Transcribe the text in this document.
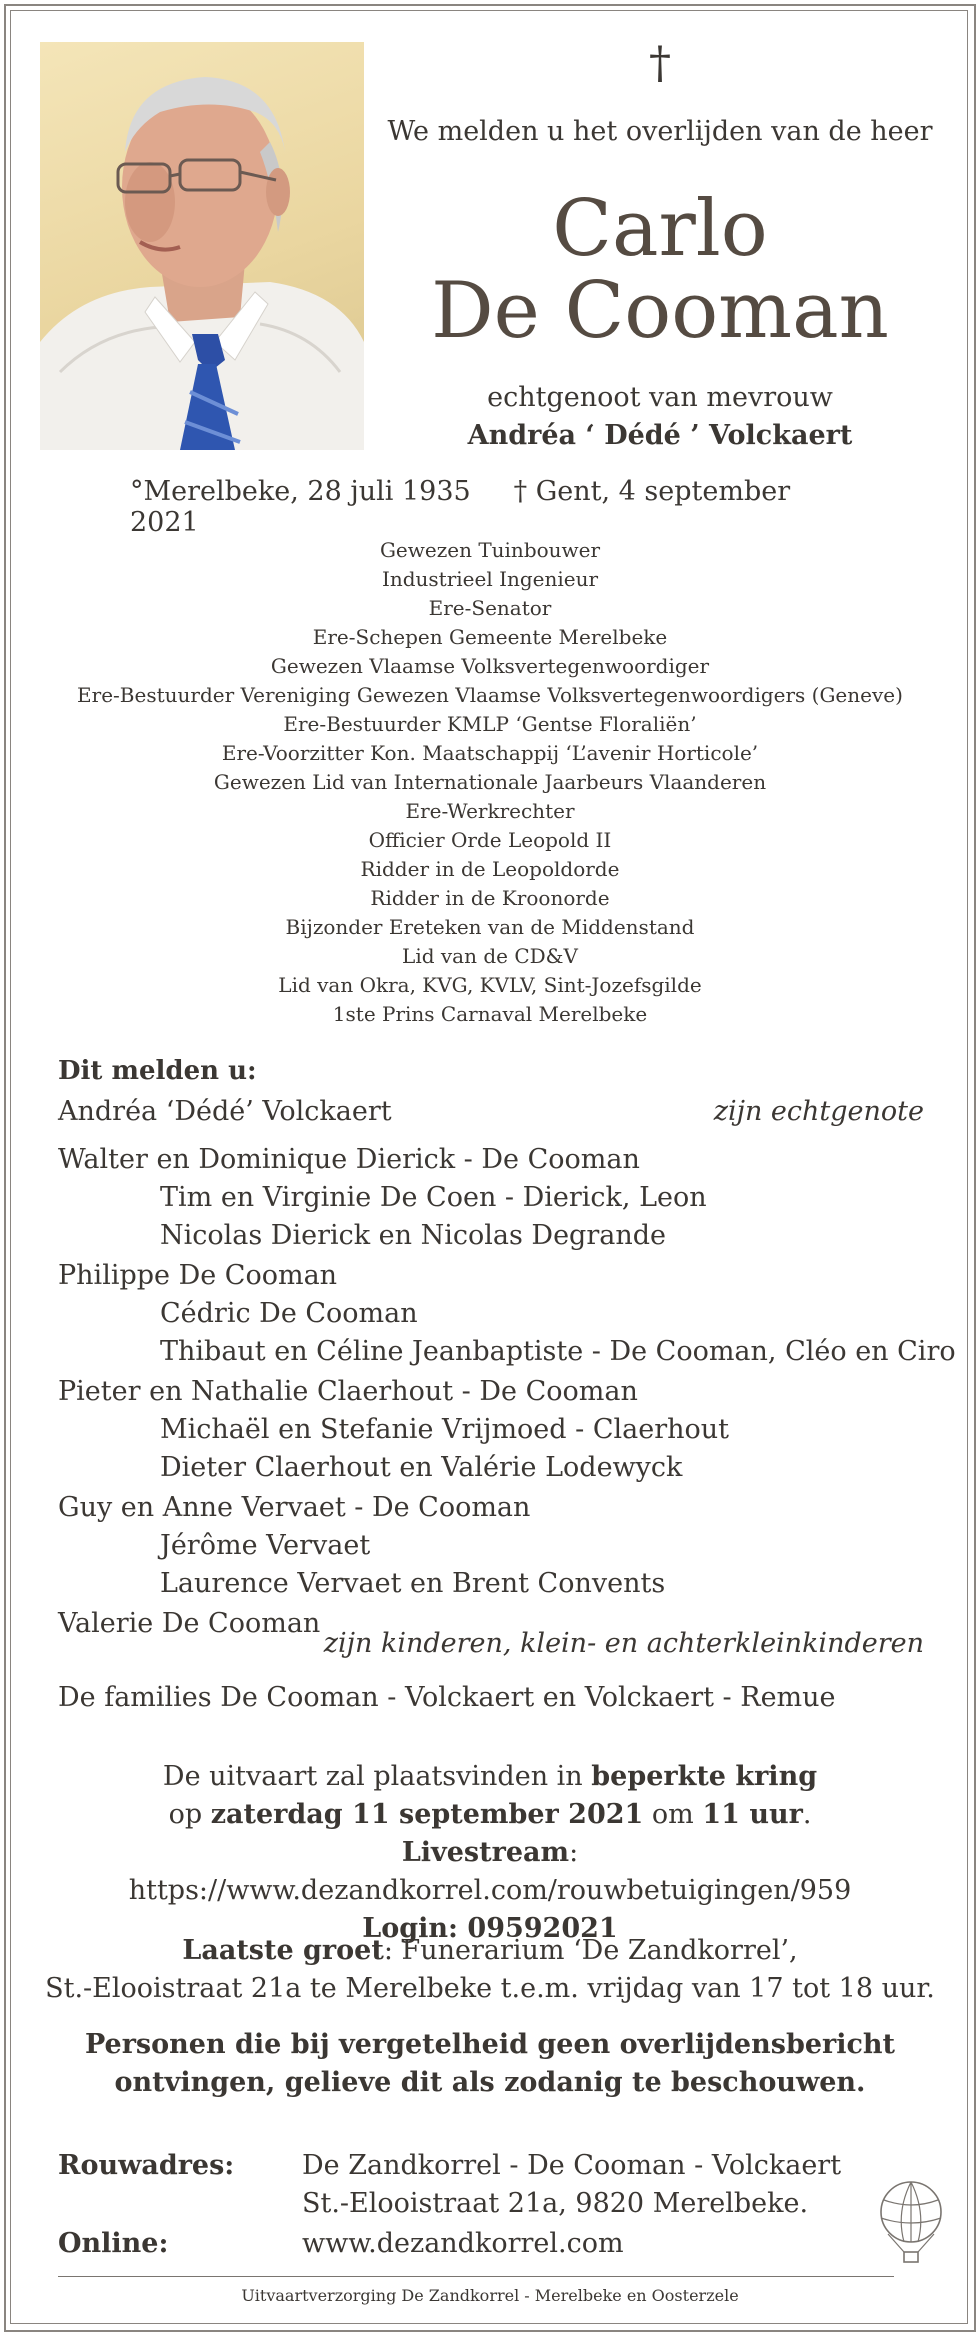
†
We melden u het overlijden van de heer
Carlo
De Cooman
echtgenoot van mevrouw
Andréa ‘ Dédé ’ Volckaert
°Merelbeke, 28 juli 1935 † Gent, 4 september 2021
Gewezen Tuinbouwer
Industrieel Ingenieur
Ere-Senator
Ere-Schepen Gemeente Merelbeke
Gewezen Vlaamse Volksvertegenwoordiger
Ere-Bestuurder Vereniging Gewezen Vlaamse Volksvertegenwoordigers (Geneve)
Ere-Bestuurder KMLP ‘Gentse Floraliën’
Ere-Voorzitter Kon. Maatschappij ‘L’avenir Horticole’
Gewezen Lid van Internationale Jaarbeurs Vlaanderen
Ere-Werkrechter
Officier Orde Leopold II
Ridder in de Leopoldorde
Ridder in de Kroonorde
Bijzonder Ereteken van de Middenstand
Lid van de CD&V
Lid van Okra, KVG, KVLV, Sint-Jozefsgilde
1ste Prins Carnaval Merelbeke
Dit melden u:
Andréa ‘Dédé’ Volckaert	zijn echtgenote
Walter en Dominique Dierick - De Cooman
Tim en Virginie De Coen - Dierick, Leon
Nicolas Dierick en Nicolas Degrande
Philippe De Cooman
Cédric De Cooman
Thibaut en Céline Jeanbaptiste - De Cooman, Cléo en Ciro
Pieter en Nathalie Claerhout - De Cooman
Michaël en Stefanie Vrijmoed - Claerhout
Dieter Claerhout en Valérie Lodewyck
Guy en Anne Vervaet - De Cooman
Jérôme Vervaet
Laurence Vervaet en Brent Convents
Valerie De Cooman
zijn kinderen, klein- en achterkleinkinderen
De families De Cooman - Volckaert en Volckaert - Remue
De uitvaart zal plaatsvinden in beperkte kring
op zaterdag 11 september 2021 om 11 uur.
Livestream: https://www.dezandkorrel.com/rouwbetuigingen/959
Login: 09592021
Laatste groet: Funerarium ‘De Zandkorrel’,
St.-Elooistraat 21a te Merelbeke t.e.m. vrijdag van 17 tot 18 uur.
Personen die bij vergetelheid geen overlijdensbericht
ontvingen, gelieve dit als zodanig te beschouwen.
Rouwadres:	De Zandkorrel - De Cooman - Volckaert
St.-Elooistraat 21a, 9820 Merelbeke.
Online:	www.dezandkorrel.com
Uitvaartverzorging De Zandkorrel - Merelbeke en Oosterzele
